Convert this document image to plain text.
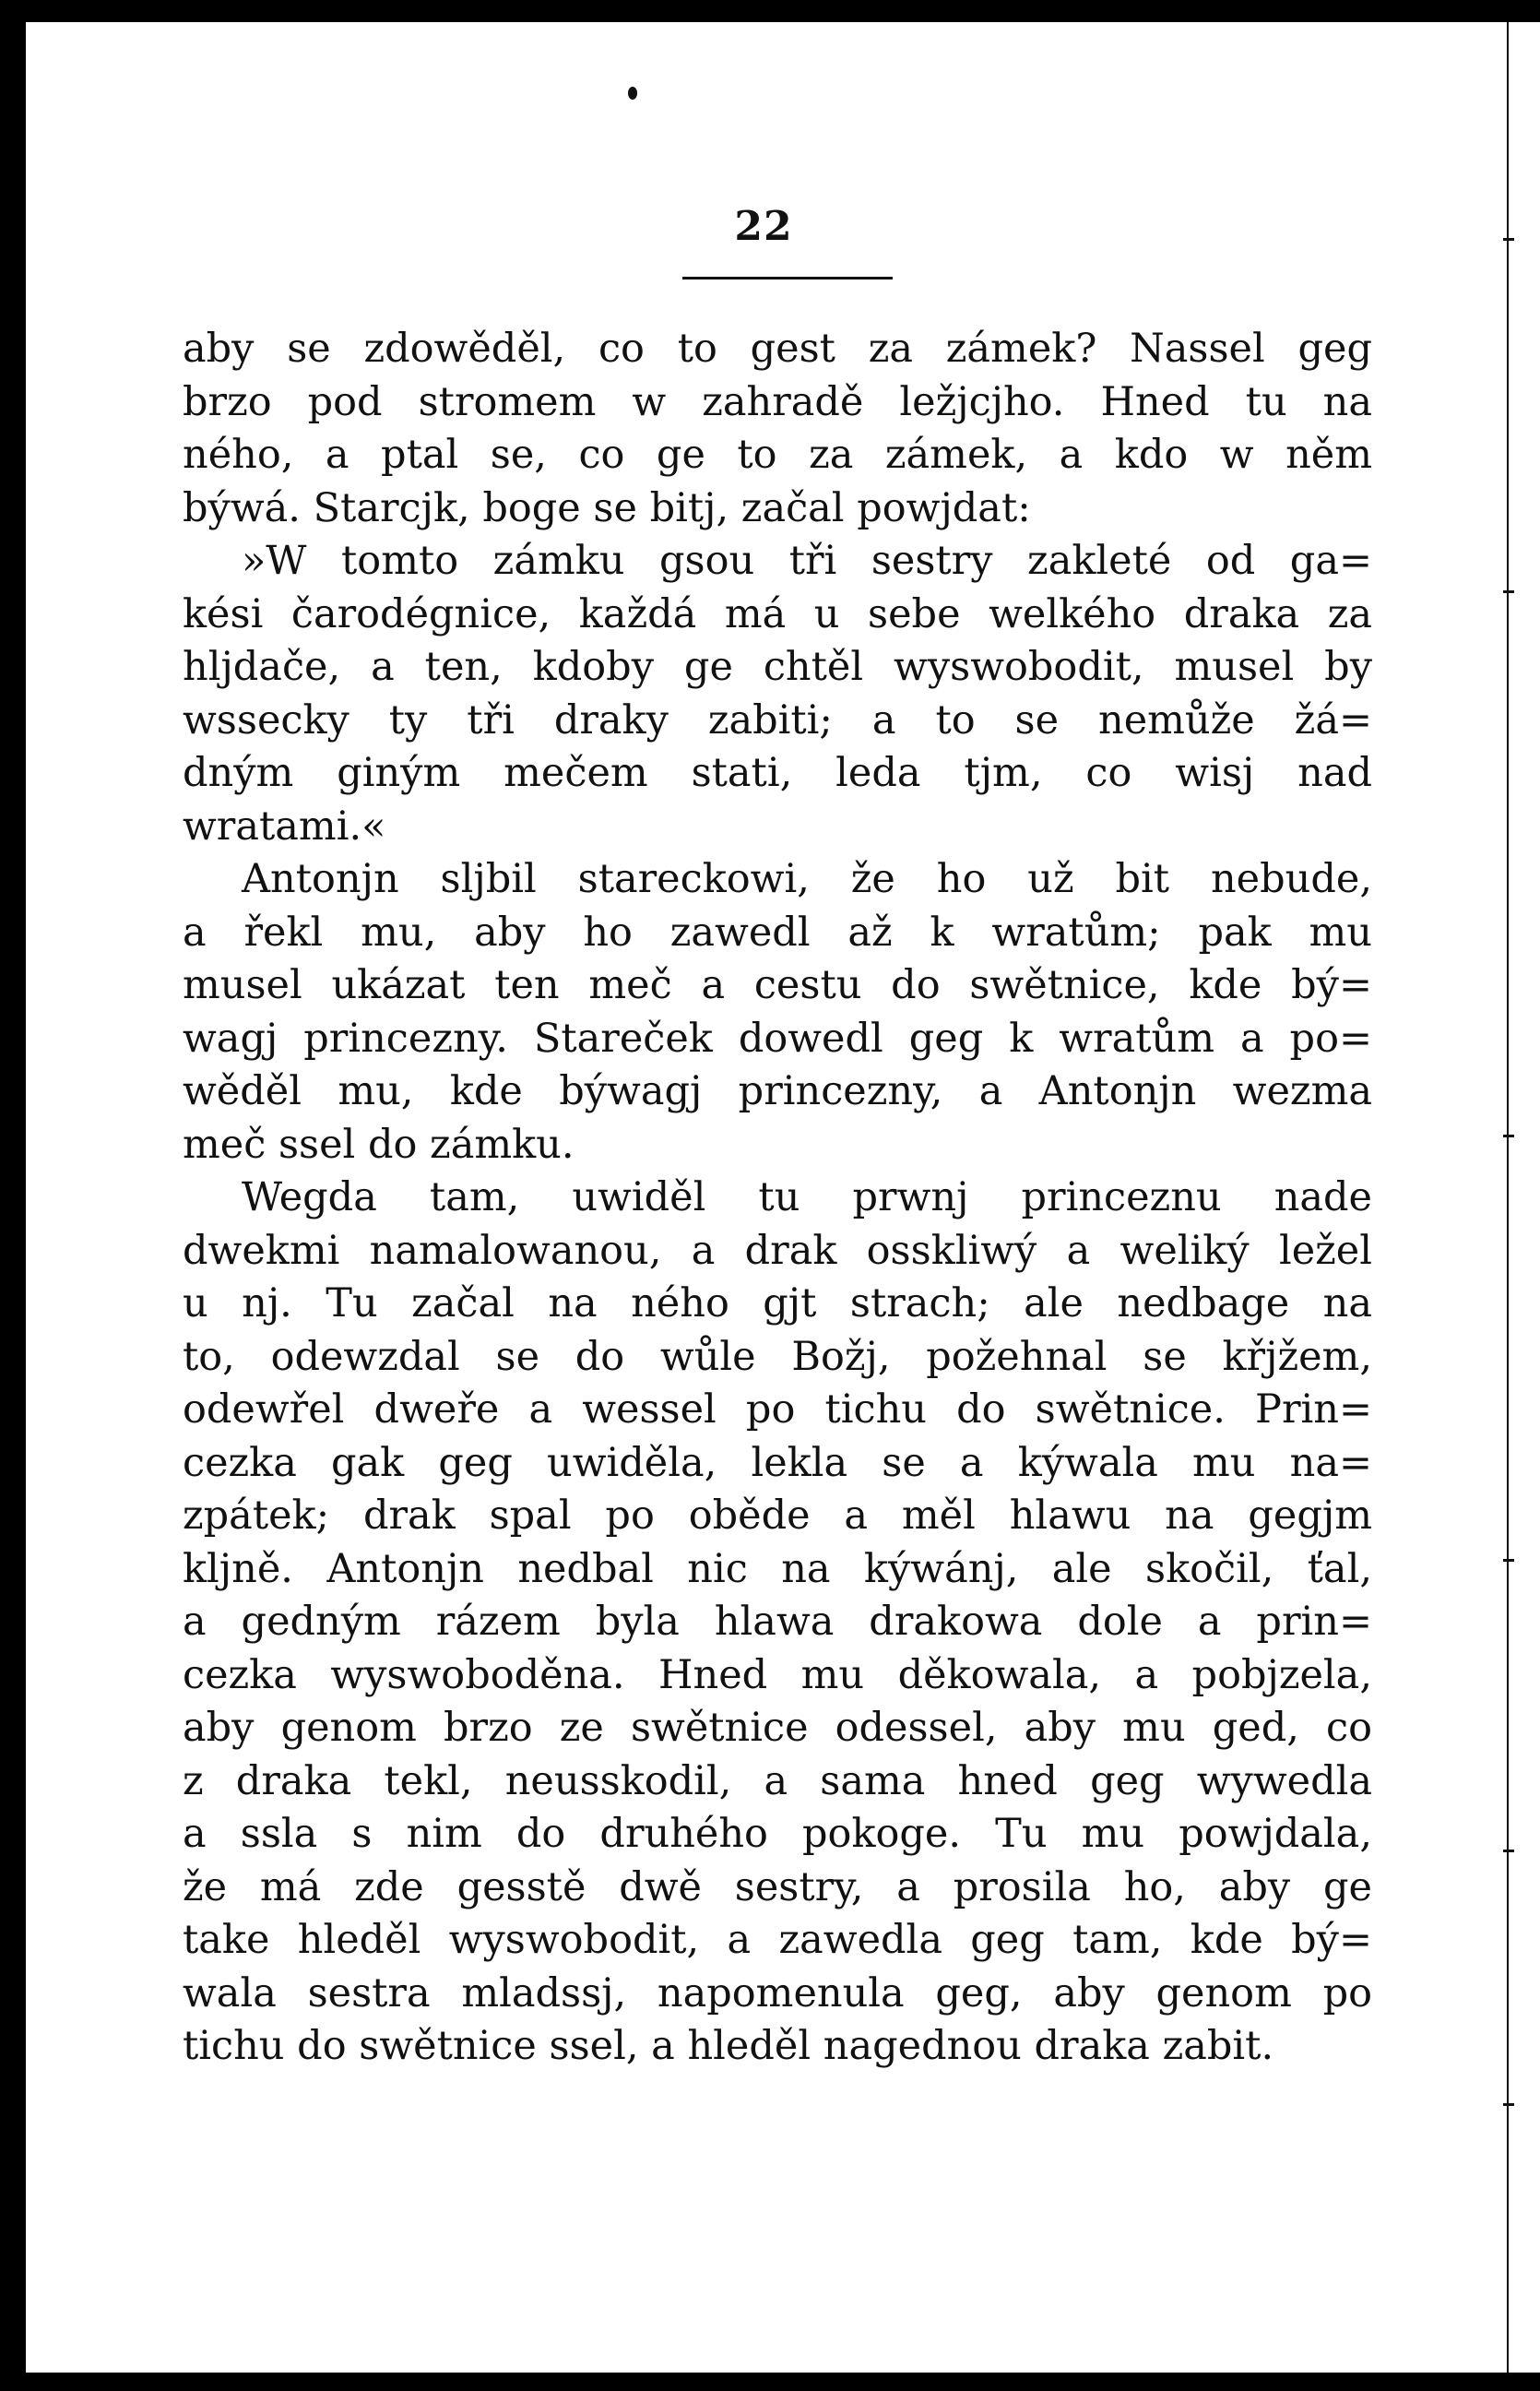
22
aby se zdowěděl, co to gest za zámek? Nassel geg
brzo pod stromem w zahradě ležjcjho. Hned tu na
ného, a ptal se, co ge to za zámek, a kdo w něm
býwá. Starcjk, boge se bitj, začal powjdat:
»W tomto zámku gsou tři sestry zakleté od ga=
kési čarodégnice, každá má u sebe welkého draka za
hljdače, a ten, kdoby ge chtěl wyswobodit, musel by
wssecky ty tři draky zabiti; a to se nemůže žá=
dným giným mečem stati, leda tjm, co wisj nad
wratami.«
Antonjn sljbil stareckowi, že ho už bit nebude,
a řekl mu, aby ho zawedl až k wratům; pak mu
musel ukázat ten meč a cestu do swětnice, kde bý=
wagj princezny. Stareček dowedl geg k wratům a po=
wěděl mu, kde býwagj princezny, a Antonjn wezma
meč ssel do zámku.
Wegda tam, uwiděl tu prwnj princeznu nade
dwekmi namalowanou, a drak osskliwý a weliký ležel
u nj. Tu začal na ného gjt strach; ale nedbage na
to, odewzdal se do wůle Božj, požehnal se křjžem,
odewřel dweře a wessel po tichu do swětnice. Prin=
cezka gak geg uwiděla, lekla se a kýwala mu na=
zpátek; drak spal po oběde a měl hlawu na gegjm
kljně. Antonjn nedbal nic na kýwánj, ale skočil, ťal,
a gedným rázem byla hlawa drakowa dole a prin=
cezka wyswoboděna. Hned mu děkowala, a pobjzela,
aby genom brzo ze swětnice odessel, aby mu ged, co
z draka tekl, neusskodil, a sama hned geg wywedla
a ssla s nim do druhého pokoge. Tu mu powjdala,
že má zde gesstě dwě sestry, a prosila ho, aby ge
take hleděl wyswobodit, a zawedla geg tam, kde bý=
wala sestra mladssj, napomenula geg, aby genom po
tichu do swětnice ssel, a hleděl nagednou draka zabit.
